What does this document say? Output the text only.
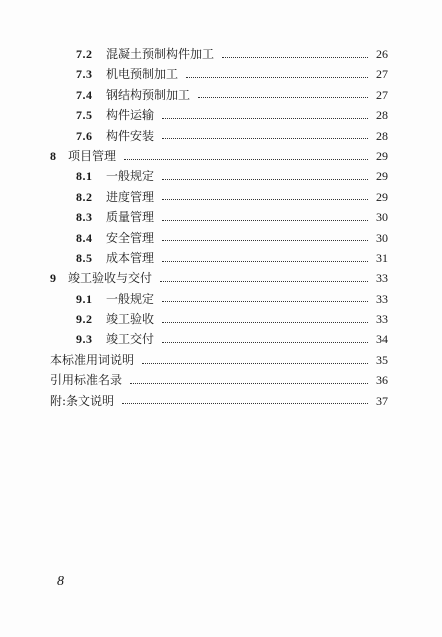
7.2	混凝土预制构件加工	26
7.3	机电预制加工	27
7.4	钢结构预制加工	27
7.5	构件运输	28
7.6	构件安装	28
8 项目管理	29
8.1	一般规定	29
8.2	进度管理	29
8.3	质量管理	30
8.4	安全管理	30
8.5	成本管理	31
9 竣工验收与交付	33
9.1	一般规定	33
9.2	竣工验收	33
9.3	竣工交付	34
本标准用词说明	35
引用标准名录	36
附:条文说明	37
8
